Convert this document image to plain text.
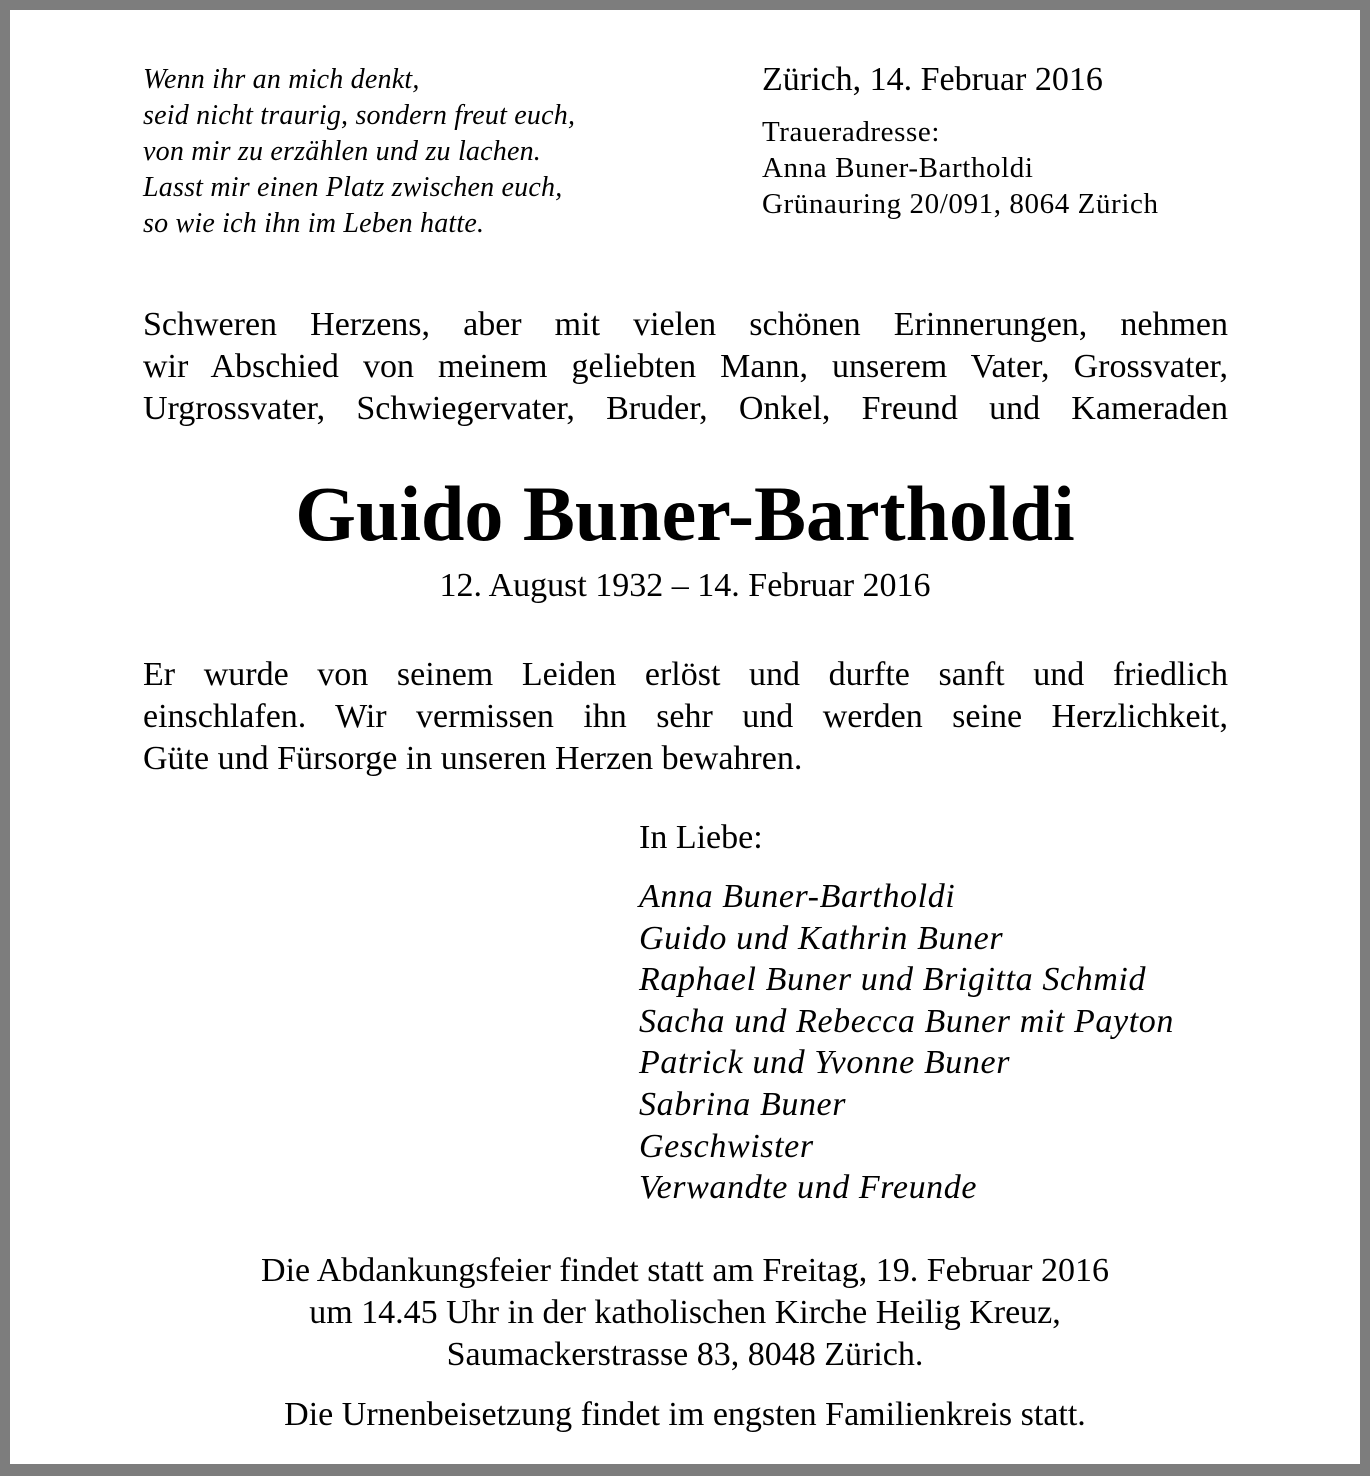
Wenn ihr an mich denkt,
seid nicht traurig, sondern freut euch,
von mir zu erzählen und zu lachen.
Lasst mir einen Platz zwischen euch,
so wie ich ihn im Leben hatte.
Zürich, 14. Februar 2016
Traueradresse:
Anna Buner-Bartholdi
Grünauring 20/091, 8064 Zürich
Schweren Herzens, aber mit vielen schönen Erinnerungen, nehmen
wir Abschied von meinem geliebten Mann, unserem Vater, Grossvater,
Urgrossvater, Schwiegervater, Bruder, Onkel, Freund und Kameraden
Guido Buner-Bartholdi
12. August 1932 – 14. Februar 2016
Er wurde von seinem Leiden erlöst und durfte sanft und friedlich
einschlafen. Wir vermissen ihn sehr und werden seine Herzlichkeit,
Güte und Fürsorge in unseren Herzen bewahren.
In Liebe:
Anna Buner-Bartholdi
Guido und Kathrin Buner
Raphael Buner und Brigitta Schmid
Sacha und Rebecca Buner mit Payton
Patrick und Yvonne Buner
Sabrina Buner
Geschwister
Verwandte und Freunde
Die Abdankungsfeier findet statt am Freitag, 19. Februar 2016
um 14.45 Uhr in der katholischen Kirche Heilig Kreuz,
Saumackerstrasse 83, 8048 Zürich.
Die Urnenbeisetzung findet im engsten Familienkreis statt.
